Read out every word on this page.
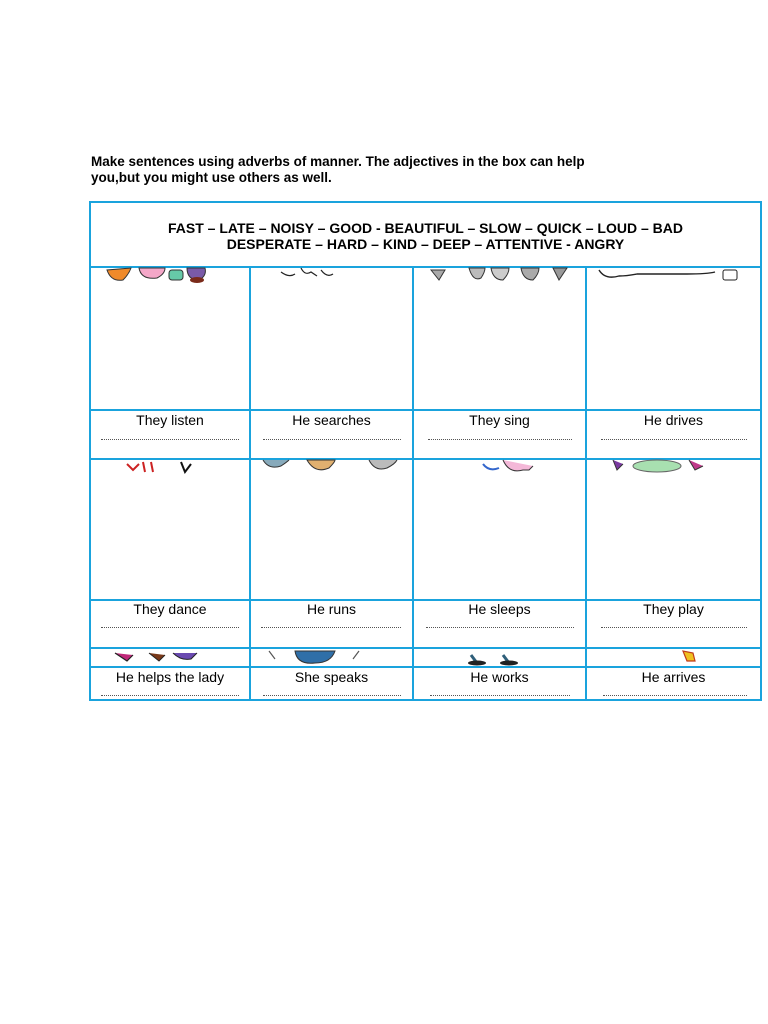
Make sentences using adverbs of manner. The adjectives in the box can help
you,but you might use others as well.
FAST – LATE – NOISY – GOOD - BEAUTIFUL – SLOW – QUICK – LOUD – BAD
DESPERATE – HARD – KIND – DEEP – ATTENTIVE - ANGRY
They listen	He searches	They sing	He drives
They dance	He runs	He sleeps	They play
He helps the lady	She speaks	He works	He arrives
